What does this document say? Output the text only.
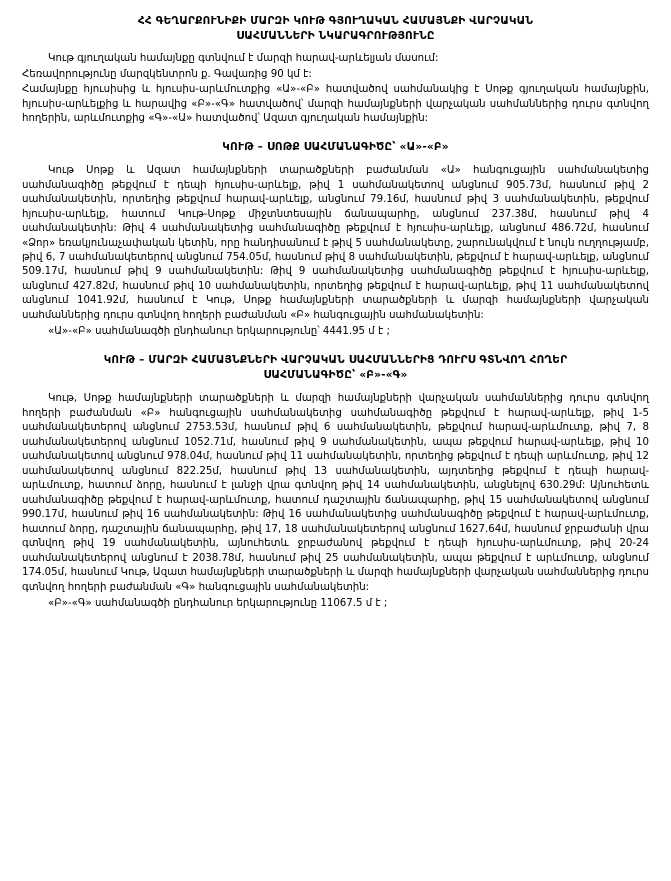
ՀՀ ԳԵՂԱՐՔՈՒՆԻՔԻ ՄԱՐԶԻ ԿՈՒԹ ԳՅՈՒՂԱԿԱՆ ՀԱՄԱՅՆՔԻ ՎԱՐՉԱԿԱՆ
ՍԱՀՄԱՆՆԵՐԻ ՆԿԱՐԱԳՐՈՒԹՅՈՒՆԸ

Կութ գյուղական համայնքը գտնվում է մարզի հարավ-արևելյան մասում:

Հեռավորությունը մարզկենտրոն ք. Գավառից 90 կմ է:

Համայնքը հյուսիսից և հյուսիս-արևմուտքից «Ա»-«Բ» հատվածով սահմանակից է Սոթք գյուղական համայնքին, հյուսիս-արևելքից և հարավից «Բ»-«Գ» հատվածով՝ մարզի համայնքների վարչական սահմաններից դուրս գտնվող հողերին, արևմուտքից «Գ»-«Ա» հատվածով՝ Ազատ գյուղական համայնքին:

ԿՈՒԹ – ՍՈԹՔ ՍԱՀՄԱՆԱԳԻԾԸ՝ «Ա»-«Բ»

Կութ Սոթք և Ազատ համայնքների տարածքների բաժանման «Ա» հանգուցային սահմանակետից սահմանագիծը թեքվում է դեպի հյուսիս-արևելք, թիվ 1 սահմանակետով անցնում 905.73մ, հասնում թիվ 2 սահմանակետին, որտեղից թեքվում հարավ-արևելք, անցնում 79.16մ, հասնում թիվ 3 սահմանակետին, թեքվում հյուսիս-արևելք, հատում Կութ-Սոթք միջտնտեսային ճանապարհը, անցնում 237.38մ, հասնում թիվ 4 սահմանակետին: Թիվ 4 սահմանակետից սահմանագիծը թեքվում է հյուսիս-արևելք, անցնում 486.72մ, հասնում «Ձոր» եռակյունաչափական կետին, որը հանդիսանում է թիվ 5 սահմանակետը, շարունակվում է նույն ուղղությամբ, թիվ 6, 7 սահմանակետերով անցնում 754.05մ, հասնում թիվ 8 սահմանակետին, թեքվում է հարավ-արևելք, անցնում 509.17մ, հասնում թիվ 9 սահմանակետին: Թիվ 9 սահմանակետից սահմանագիծը թեքվում է հյուսիս-արևելք, անցնում 427.82մ, հասնում թիվ 10 սահմանակետին, որտեղից թեքվում է հարավ-արևելք, թիվ 11 սահմանակետով անցնում 1041.92մ, հասնում է Կութ, Սոթք համայնքների տարածքների և մարզի համայնքների վարչական սահմաններից դուրս գտնվող հողերի բաժանման «Բ» հանգուցային սահմանակետին:

«Ա»-«Բ» սահմանագծի ընդհանուր երկարությունը՝ 4441.95 մ է ;

ԿՈՒԹ – ՄԱՐԶԻ ՀԱՄԱՅՆՔՆԵՐԻ ՎԱՐՉԱԿԱՆ ՍԱՀՄԱՆՆԵՐԻՑ ԴՈՒՐՍ ԳՏՆՎՈՂ ՀՈՂԵՐ
ՍԱՀՄԱՆԱԳԻԾԸ՝ «Բ»-«Գ»

Կութ, Սոթք համայնքների տարածքների և մարզի համայնքների վարչական սահմաններից դուրս գտնվող հողերի բաժանման «Բ» հանգուցային սահմանակետից սահմանագիծը թեքվում է հարավ-արևելք, թիվ 1-5 սահմանակետերով անցնում 2753.53մ, հասնում թիվ 6 սահմանակետին, թեքվում հարավ-արևմուտք, թիվ 7, 8 սահմանակետերով անցնում 1052.71մ, հասնում թիվ 9 սահմանակետին, ապա թեքվում հարավ-արևելք, թիվ 10 սահմանակետով անցնում 978.04մ, հասնում թիվ 11 սահմանակետին, որտեղից թեքվում է դեպի արևմուտք, թիվ 12 սահմանակետով անցնում 822.25մ, հասնում թիվ 13 սահմանակետին, այդտեղից թեքվում է դեպի հարավ-արևմուտք, հատում ձորը, հասնում է լանջի վրա գտնվող թիվ 14 սահմանակետին, անցնելով 630.29մ: Այնուհետև սահմանագիծը թեքվում է հարավ-արևմուտք, հատում դաշտային ճանապարհը, թիվ 15 սահմանակետով անցնում 990.17մ, հասնում թիվ 16 սահմանակետին: Թիվ 16 սահմանակետից սահմանագիծը թեքվում է հարավ-արևմուտք, հատում ձորը, դաշտային ճանապարհը, թիվ 17, 18 սահմանակետերով անցնում 1627.64մ, հասնում ջրբաժանի վրա գտնվող թիվ 19 սահմանակետին, այնուհետև ջրբաժանով թեքվում է դեպի հյուսիս-արևմուտք, թիվ 20-24 սահմանակետերով անցնում է 2038.78մ, հասնում թիվ 25 սահմանակետին, ապա թեքվում է արևմուտք, անցնում 174.05մ, հասնում Կութ, Ազատ համայնքների տարածքների և մարզի համայնքների վարչական սահմաններից դուրս գտնվող հողերի բաժանման «Գ» հանգուցային սահմանակետին:

«Բ»-«Գ» սահմանագծի ընդհանուր երկարությունը 11067.5 մ է ;
